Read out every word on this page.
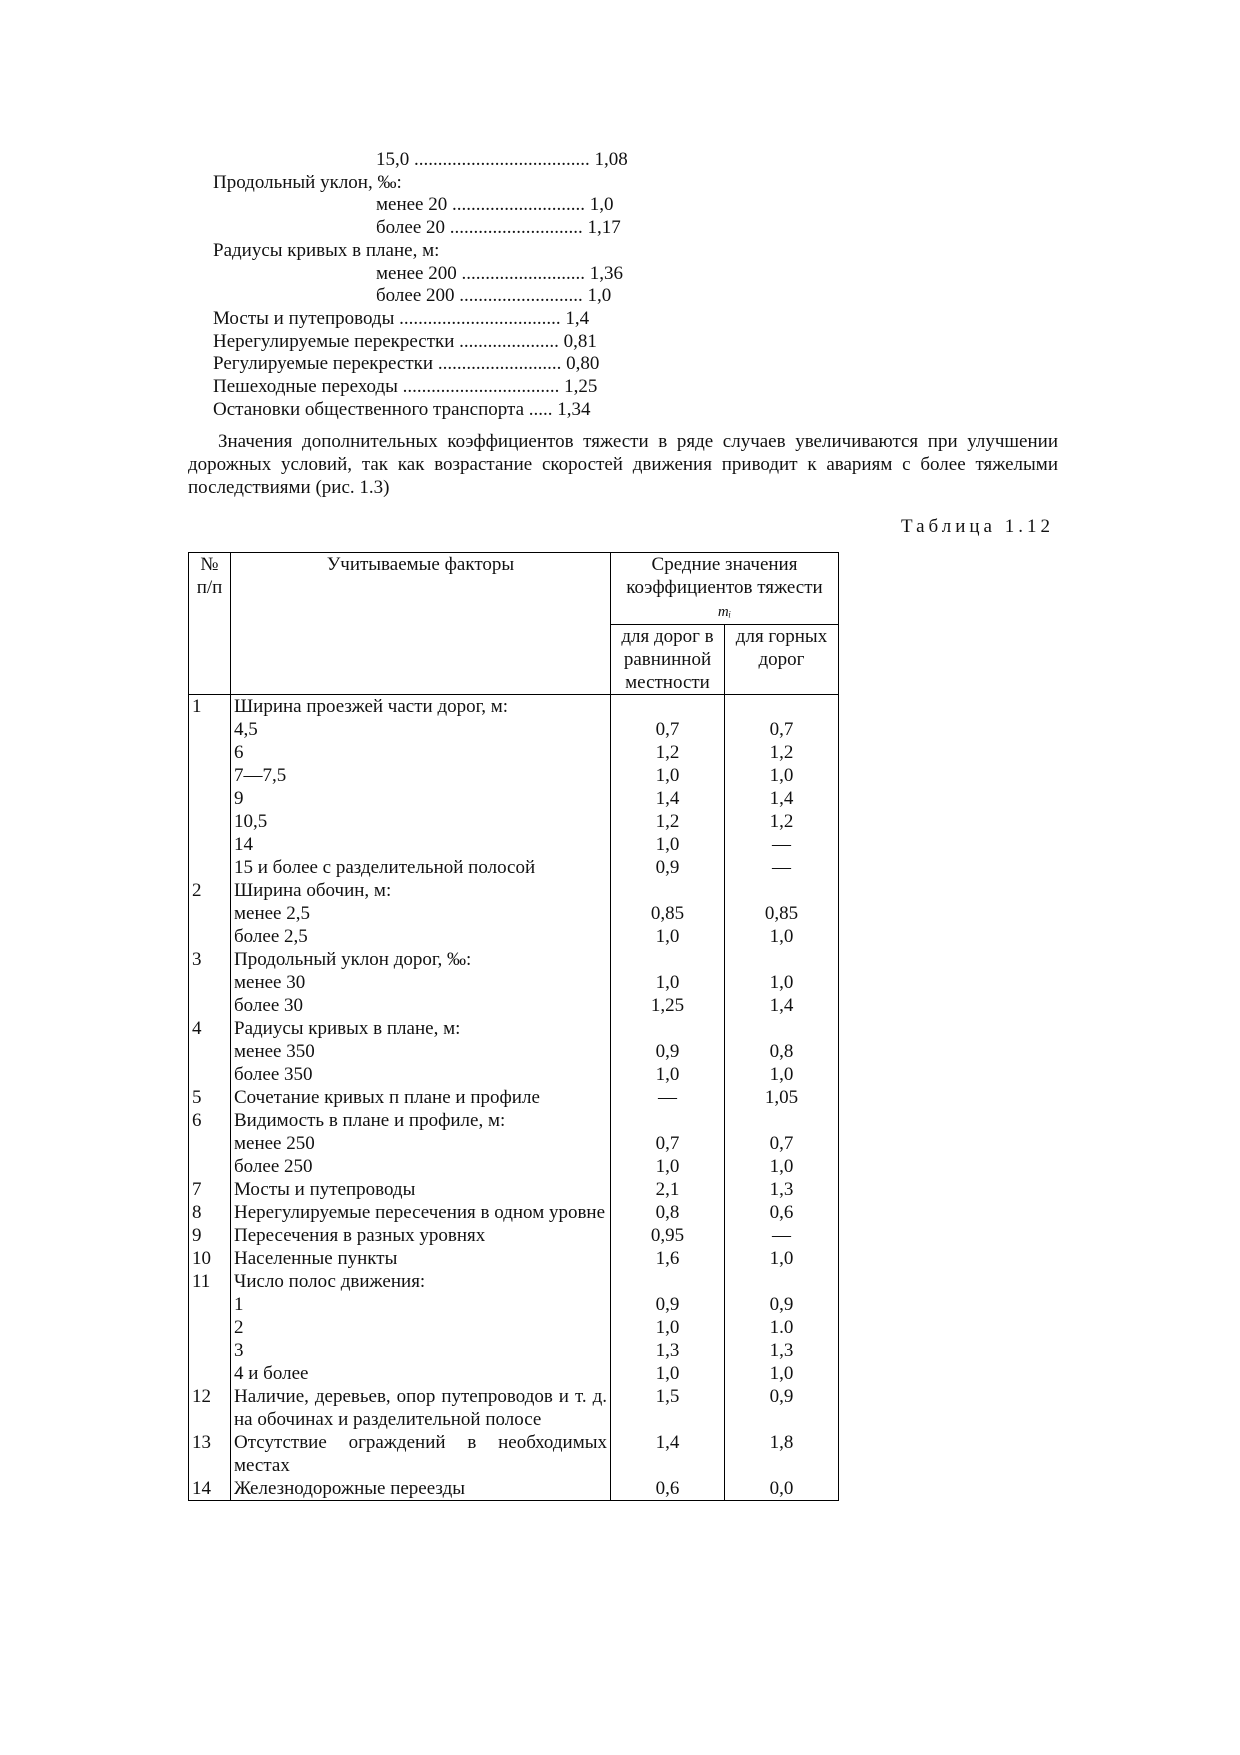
15,0 ..................................... 1,08
Продольный уклон, ‰:
менее 20 ............................ 1,0
более 20 ............................ 1,17
Радиусы кривых в плане, м:
менее 200 .......................... 1,36
более 200 .......................... 1,0
Мосты и путепроводы .................................. 1,4
Нерегулируемые перекрестки ..................... 0,81
Регулируемые перекрестки .......................... 0,80
Пешеходные переходы ................................. 1,25
Остановки общественного транспорта ..... 1,34

Значения дополнительных коэффициентов тяжести в ряде случаев увеличиваются при улучшении дорожных условий, так как возрастание скоростей движения приводит к авариям с более тяжелыми последствиями (рис. 1.3)

Таблица 1.12
№ п/п	Учитываемые факторы	Средние значения коэффициентов тяжести
mᵢ	
		для дорог в равнинной местности	для горных дорог
1	Ширина проезжей части дорог, м:		
	4,5	0,7	0,7
	6	1,2	1,2
	7—7,5	1,0	1,0
	9	1,4	1,4
	10,5	1,2	1,2
	14	1,0	—
	15 и более с разделительной полосой	0,9	—
2	Ширина обочин, м:		
	менее 2,5	0,85	0,85
	более 2,5	1,0	1,0
3	Продольный уклон дорог, ‰:		
	менее 30	1,0	1,0
	более 30	1,25	1,4
4	Радиусы кривых в плане, м:		
	менее 350	0,9	0,8
	более 350	1,0	1,0
5	Сочетание кривых п плане и профиле	—	1,05
6	Видимость в плане и профиле, м:		
	менее 250	0,7	0,7
	более 250	1,0	1,0
7	Мосты и путепроводы	2,1	1,3
8	Нерегулируемые пересечения в одном уровне	0,8	0,6
9	Пересечения в разных уровнях	0,95	—
10	Населенные пункты	1,6	1,0
11	Число полос движения:		
	1	0,9	0,9
	2	1,0	1.0
	3	1,3	1,3
	4 и более	1,0	1,0
12	Наличие, деревьев, опор путепроводов и т. д. на обочинах и разделительной полосе	1,5	0,9
13	Отсутствие ограждений в необходимых местах	1,4	1,8
14	Железнодорожные переезды	0,6	0,0
